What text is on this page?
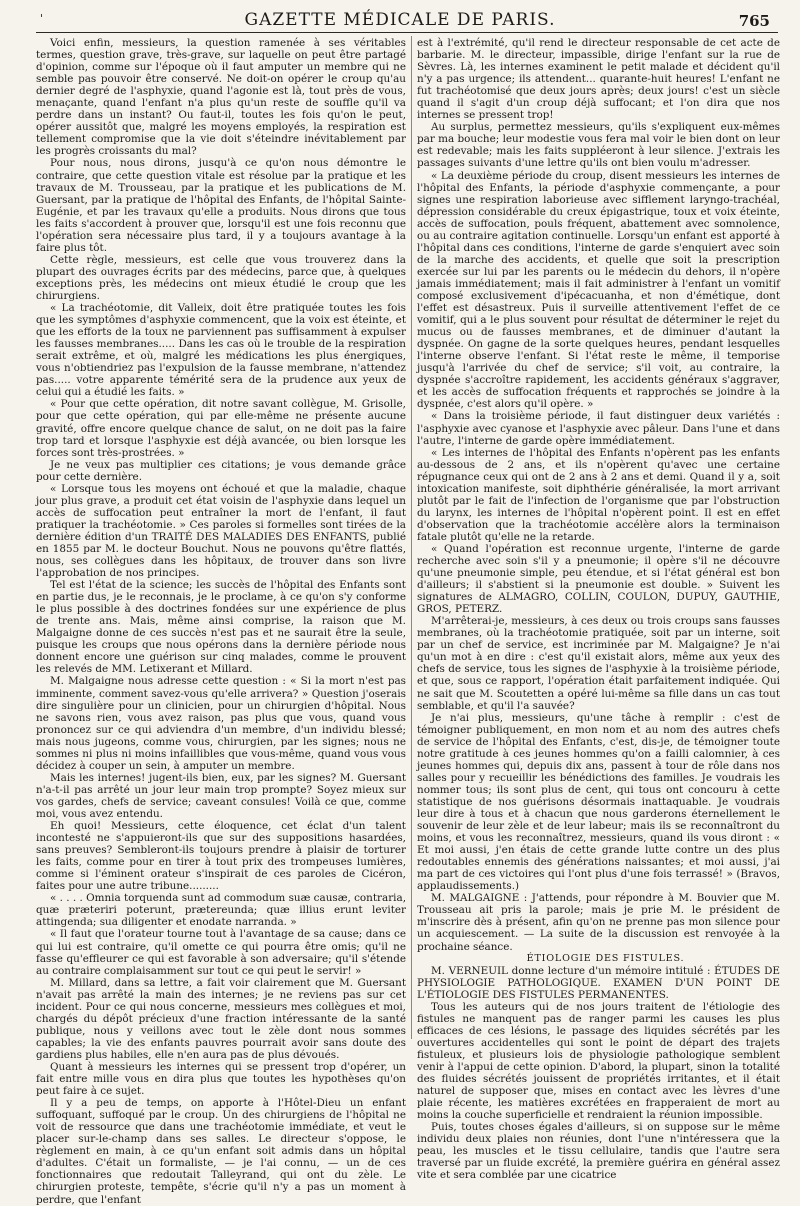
'	GAZETTE MÉDICALE DE PARIS.	765

Voici enfin, messieurs, la question ramenée à ses véritables termes, question grave, très-grave, sur laquelle on peut être partagé d'opinion, comme sur l'époque où il faut amputer un membre qui ne semble pas pouvoir être conservé. Ne doit-on opérer le croup qu'au dernier degré de l'asphyxie, quand l'agonie est là, tout près de vous, menaçante, quand l'enfant n'a plus qu'un reste de souffle qu'il va perdre dans un instant? Ou faut-il, toutes les fois qu'on le peut, opérer aussitôt que, malgré les moyens employés, la respiration est tellement compromise que la vie doit s'éteindre inévitablement par les progrès croissants du mal?

Pour nous, nous dirons, jusqu'à ce qu'on nous démontre le contraire, que cette question vitale est résolue par la pratique et les travaux de M. Trousseau, par la pratique et les publications de M. Guersant, par la pratique de l'hôpital des Enfants, de l'hôpital Sainte-Eugénie, et par les travaux qu'elle a produits. Nous dirons que tous les faits s'accordent à prouver que, lorsqu'il est une fois reconnu que l'opération sera nécessaire plus tard, il y a toujours avantage à la faire plus tôt.

Cette règle, messieurs, est celle que vous trouverez dans la plupart des ouvrages écrits par des médecins, parce que, à quelques exceptions près, les médecins ont mieux étudié le croup que les chirurgiens.

« La trachéotomie, dit Valleix, doit être pratiquée toutes les fois que les symptômes d'asphyxie commencent, que la voix est éteinte, et que les efforts de la toux ne parviennent pas suffisamment à expulser les fausses membranes..... Dans les cas où le trouble de la respiration serait extrême, et où, malgré les médications les plus énergiques, vous n'obtiendriez pas l'expulsion de la fausse membrane, n'attendez pas..... votre apparente témérité sera de la prudence aux yeux de celui qui a étudié les faits. »

« Pour que cette opération, dit notre savant collègue, M. Grisolle, pour que cette opération, qui par elle-même ne présente aucune gravité, offre encore quelque chance de salut, on ne doit pas la faire trop tard et lorsque l'asphyxie est déjà avancée, ou bien lorsque les forces sont très-prostrées. »

Je ne veux pas multiplier ces citations; je vous demande grâce pour cette dernière.

« Lorsque tous les moyens ont échoué et que la maladie, chaque jour plus grave, a produit cet état voisin de l'asphyxie dans lequel un accès de suffocation peut entraîner la mort de l'enfant, il faut pratiquer la trachéotomie. » Ces paroles si formelles sont tirées de la dernière édition d'un TRAITÉ DES MALADIES DES ENFANTS, publié en 1855 par M. le docteur Bouchut. Nous ne pouvons qu'être flattés, nous, ses collègues dans les hôpitaux, de trouver dans son livre l'approbation de nos principes.

Tel est l'état de la science; les succès de l'hôpital des Enfants sont en partie dus, je le reconnais, je le proclame, à ce qu'on s'y conforme le plus possible à des doctrines fondées sur une expérience de plus de trente ans. Mais, même ainsi comprise, la raison que M. Malgaigne donne de ces succès n'est pas et ne saurait être la seule, puisque les croups que nous opérons dans la dernière période nous donnent encore une guérison sur cinq malades, comme le prouvent les relevés de MM. Letixerant et Millard.

M. Malgaigne nous adresse cette question : « Si la mort n'est pas imminente, comment savez-vous qu'elle arrivera? » Question j'oserais dire singulière pour un clinicien, pour un chirurgien d'hôpital. Nous ne savons rien, vous avez raison, pas plus que vous, quand vous prononcez sur ce qui adviendra d'un membre, d'un individu blessé; mais nous jugeons, comme vous, chirurgien, par les signes; nous ne sommes ni plus ni moins infaillibles que vous-même, quand vous vous décidez à couper un sein, à amputer un membre.

Mais les internes! jugent-ils bien, eux, par les signes? M. Guersant n'a-t-il pas arrêté un jour leur main trop prompte? Soyez mieux sur vos gardes, chefs de service; caveant consules! Voilà ce que, comme moi, vous avez entendu.

Eh quoi! Messieurs, cette éloquence, cet éclat d'un talent incontesté ne s'appuieront-ils que sur des suppositions hasardées, sans preuves? Sembleront-ils toujours prendre à plaisir de torturer les faits, comme pour en tirer à tout prix des trompeuses lumières, comme si l'éminent orateur s'inspirait de ces paroles de Cicéron, faites pour une autre tribune.........

« . . . . Omnia torquenda sunt ad commodum suæ causæ, contraria, quæ præteriri poterunt, prætereunda; quæ illius erunt leviter attingenda; sua diligenter et enodate narranda. »

« Il faut que l'orateur tourne tout à l'avantage de sa cause; dans ce qui lui est contraire, qu'il omette ce qui pourra être omis; qu'il ne fasse qu'effleurer ce qui est favorable à son adversaire; qu'il s'étende au contraire complaisamment sur tout ce qui peut le servir! »

M. Millard, dans sa lettre, a fait voir clairement que M. Guersant n'avait pas arrêté la main des internes; je ne reviens pas sur cet incident. Pour ce qui nous concerne, messieurs mes collègues et moi, chargés du dépôt précieux d'une fraction intéressante de la santé publique, nous y veillons avec tout le zèle dont nous sommes capables; la vie des enfants pauvres pourrait avoir sans doute des gardiens plus habiles, elle n'en aura pas de plus dévoués.

Quant à messieurs les internes qui se pressent trop d'opérer, un fait entre mille vous en dira plus que toutes les hypothèses qu'on peut faire à ce sujet.

Il y a peu de temps, on apporte à l'Hôtel-Dieu un enfant suffoquant, suffoqué par le croup. Un des chirurgiens de l'hôpital ne voit de ressource que dans une trachéotomie immédiate, et veut le placer sur-le-champ dans ses salles. Le directeur s'oppose, le règlement en main, à ce qu'un enfant soit admis dans un hôpital d'adultes. C'était un formaliste, — je l'ai connu, — un de ces fonctionnaires que redoutait Talleyrand, qui ont du zèle. Le chirurgien proteste, tempête, s'écrie qu'il n'y a pas un moment à perdre, que l'enfant

est à l'extrémité, qu'il rend le directeur responsable de cet acte de barbarie. M. le directeur, impassible, dirige l'enfant sur la rue de Sèvres. Là, les internes examinent le petit malade et décident qu'il n'y a pas urgence; ils attendent... quarante-huit heures! L'enfant ne fut trachéotomisé que deux jours après; deux jours! c'est un siècle quand il s'agit d'un croup déjà suffocant; et l'on dira que nos internes se pressent trop!

Au surplus, permettez messieurs, qu'ils s'expliquent eux-mêmes par ma bouche; leur modestie vous fera mal voir le bien dont on leur est redevable; mais les faits suppléeront à leur silence. J'extrais les passages suivants d'une lettre qu'ils ont bien voulu m'adresser.

« La deuxième période du croup, disent messieurs les internes de l'hôpital des Enfants, la période d'asphyxie commençante, a pour signes une respiration laborieuse avec sifflement laryngo-trachéal, dépression considérable du creux épigastrique, toux et voix éteinte, accès de suffocation, pouls fréquent, abattement avec somnolence, ou au contraire agitation continuelle. Lorsqu'un enfant est apporté à l'hôpital dans ces conditions, l'interne de garde s'enquiert avec soin de la marche des accidents, et quelle que soit la prescription exercée sur lui par les parents ou le médecin du dehors, il n'opère jamais immédiatement; mais il fait administrer à l'enfant un vomitif composé exclusivement d'ipécacuanha, et non d'émétique, dont l'effet est désastreux. Puis il surveille attentivement l'effet de ce vomitif, qui a le plus souvent pour résultat de déterminer le rejet du mucus ou de fausses membranes, et de diminuer d'autant la dyspnée. On gagne de la sorte quelques heures, pendant lesquelles l'interne observe l'enfant. Si l'état reste le même, il temporise jusqu'à l'arrivée du chef de service; s'il voit, au contraire, la dyspnée s'accroître rapidement, les accidents généraux s'aggraver, et les accès de suffocation fréquents et rapprochés se joindre à la dyspnée, c'est alors qu'il opère. »

« Dans la troisième période, il faut distinguer deux variétés : l'asphyxie avec cyanose et l'asphyxie avec pâleur. Dans l'une et dans l'autre, l'interne de garde opère immédiatement.

« Les internes de l'hôpital des Enfants n'opèrent pas les enfants au-dessous de 2 ans, et ils n'opèrent qu'avec une certaine répugnance ceux qui ont de 2 ans à 2 ans et demi. Quand il y a, soit intoxication manifeste, soit diphthérie généralisée, la mort arrivant plutôt par le fait de l'infection de l'organisme que par l'obstruction du larynx, les internes de l'hôpital n'opèrent point. Il est en effet d'observation que la trachéotomie accélère alors la terminaison fatale plutôt qu'elle ne la retarde.

« Quand l'opération est reconnue urgente, l'interne de garde recherche avec soin s'il y a pneumonie; il opère s'il ne découvre qu'une pneumonie simple, peu étendue, et si l'état général est bon d'ailleurs; il s'abstient si la pneumonie est double. » Suivent les signatures de ALMAGRO, COLLIN, COULON, DUPUY, GAUTHIE, GROS, PETERZ.

M'arrêterai-je, messieurs, à ces deux ou trois croups sans fausses membranes, où la trachéotomie pratiquée, soit par un interne, soit par un chef de service, est incriminée par M. Malgaigne? Je n'ai qu'un mot à en dire : c'est qu'il existait alors, même aux yeux des chefs de service, tous les signes de l'asphyxie à la troisième période, et que, sous ce rapport, l'opération était parfaitement indiquée. Qui ne sait que M. Scoutetten a opéré lui-même sa fille dans un cas tout semblable, et qu'il l'a sauvée?

Je n'ai plus, messieurs, qu'une tâche à remplir : c'est de témoigner publiquement, en mon nom et au nom des autres chefs de service de l'hôpital des Enfants, c'est, dis-je, de témoigner toute notre gratitude à ces jeunes hommes qu'on a failli calomnier, à ces jeunes hommes qui, depuis dix ans, passent à tour de rôle dans nos salles pour y recueillir les bénédictions des familles. Je voudrais les nommer tous; ils sont plus de cent, qui tous ont concouru à cette statistique de nos guérisons désormais inattaquable. Je voudrais leur dire à tous et à chacun que nous garderons éternellement le souvenir de leur zèle et de leur labeur; mais ils se reconnaîtront du moins, et vous les reconnaîtrez, messieurs, quand ils vous diront : « Et moi aussi, j'en étais de cette grande lutte contre un des plus redoutables ennemis des générations naissantes; et moi aussi, j'ai ma part de ces victoires qui l'ont plus d'une fois terrassé! » (Bravos, applaudissements.)

M. MALGAIGNE : J'attends, pour répondre à M. Bouvier que M. Trousseau ait pris la parole; mais je prie M. le président de m'inscrire dès à présent, afin qu'on ne prenne pas mon silence pour un acquiescement. — La suite de la discussion est renvoyée à la prochaine séance.

ÉTIOLOGIE DES FISTULES.

M. VERNEUIL donne lecture d'un mémoire intitulé : ÉTUDES DE PHYSIOLOGIE PATHOLOGIQUE. EXAMEN D'UN POINT DE L'ÉTIOLOGIE DES FISTULES PERMANENTES.

Tous les auteurs qui de nos jours traitent de l'étiologie des fistules ne manquent pas de ranger parmi les causes les plus efficaces de ces lésions, le passage des liquides sécrétés par les ouvertures accidentelles qui sont le point de départ des trajets fistuleux, et plusieurs lois de physiologie pathologique semblent venir à l'appui de cette opinion. D'abord, la plupart, sinon la totalité des fluides sécrétés jouissent de propriétés irritantes, et il était naturel de supposer que, mises en contact avec les lèvres d'une plaie récente, les matières excrétées en frapperaient de mort au moins la couche superficielle et rendraient la réunion impossible.

Puis, toutes choses égales d'ailleurs, si on suppose sur le même individu deux plaies non réunies, dont l'une n'intéressera que la peau, les muscles et le tissu cellulaire, tandis que l'autre sera traversé par un fluide excrété, la première guérira en général assez vite et sera comblée par une cicatrice
